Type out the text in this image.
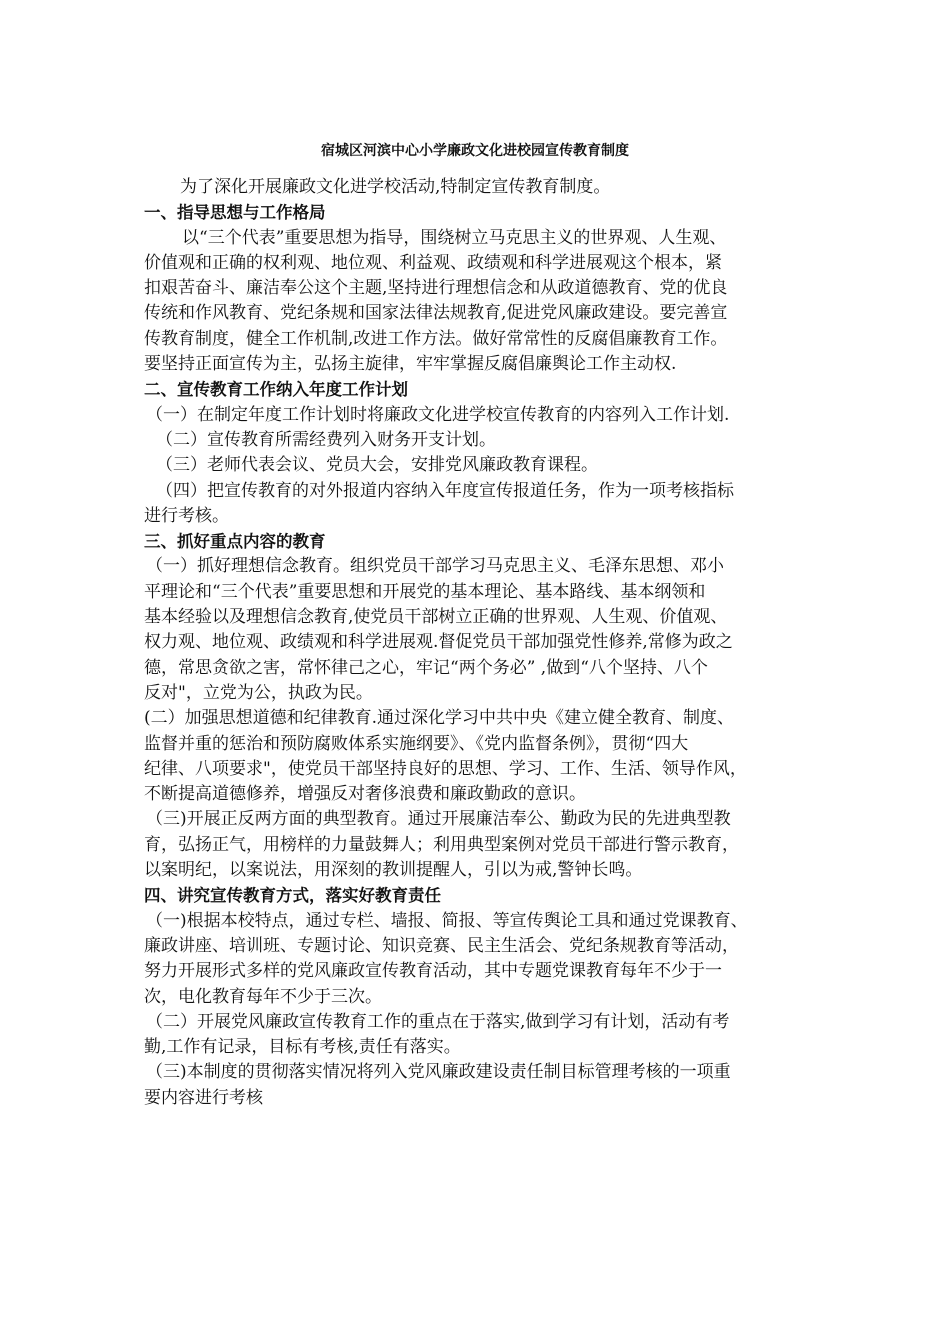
宿城区河滨中心小学廉政文化进校园宣传教育制度
为了深化开展廉政文化进学校活动,特制定宣传教育制度。
一、指导思想与工作格局
以“三个代表”重要思想为指导，围绕树立马克思主义的世界观、人生观、
价值观和正确的权利观、地位观、利益观、政绩观和科学进展观这个根本，紧
扣艰苦奋斗、廉洁奉公这个主题,坚持进行理想信念和从政道德教育、党的优良
传统和作风教育、党纪条规和国家法律法规教育,促进党风廉政建设。要完善宣
传教育制度，健全工作机制,改进工作方法。做好常常性的反腐倡廉教育工作。
要坚持正面宣传为主，弘扬主旋律，牢牢掌握反腐倡廉舆论工作主动权.
二、宣传教育工作纳入年度工作计划
（一）在制定年度工作计划时将廉政文化进学校宣传教育的内容列入工作计划.
（二）宣传教育所需经费列入财务开支计划。
（三）老师代表会议、党员大会，安排党风廉政教育课程。
（四）把宣传教育的对外报道内容纳入年度宣传报道任务，作为一项考核指标
进行考核。
三、抓好重点内容的教育
（一）抓好理想信念教育。组织党员干部学习马克思主义、毛泽东思想、邓小
平理论和“三个代表”重要思想和开展党的基本理论、基本路线、基本纲领和
基本经验以及理想信念教育,使党员干部树立正确的世界观、人生观、价值观、
权力观、地位观、政绩观和科学进展观.督促党员干部加强党性修养,常修为政之
德，常思贪欲之害，常怀律己之心，牢记“两个务必” ,做到“八个坚持、八个
反对"，立党为公，执政为民。
(二）加强思想道德和纪律教育.通过深化学习中共中央《建立健全教育、制度、
监督并重的惩治和预防腐败体系实施纲要》、《党内监督条例》，贯彻“四大
纪律、八项要求"，使党员干部坚持良好的思想、学习、工作、生活、领导作风，
不断提高道德修养，增强反对奢侈浪费和廉政勤政的意识。
（三)开展正反两方面的典型教育。通过开展廉洁奉公、勤政为民的先进典型教
育，弘扬正气，用榜样的力量鼓舞人；利用典型案例对党员干部进行警示教育，
以案明纪，以案说法，用深刻的教训提醒人，引以为戒,警钟长鸣。
四、讲究宣传教育方式，落实好教育责任
（一)根据本校特点，通过专栏、墙报、简报、等宣传舆论工具和通过党课教育、
廉政讲座、培训班、专题讨论、知识竞赛、民主生活会、党纪条规教育等活动，
努力开展形式多样的党风廉政宣传教育活动，其中专题党课教育每年不少于一
次，电化教育每年不少于三次。
（二）开展党风廉政宣传教育工作的重点在于落实,做到学习有计划，活动有考
勤,工作有记录，目标有考核,责任有落实。
（三)本制度的贯彻落实情况将列入党风廉政建设责任制目标管理考核的一项重
要内容进行考核
